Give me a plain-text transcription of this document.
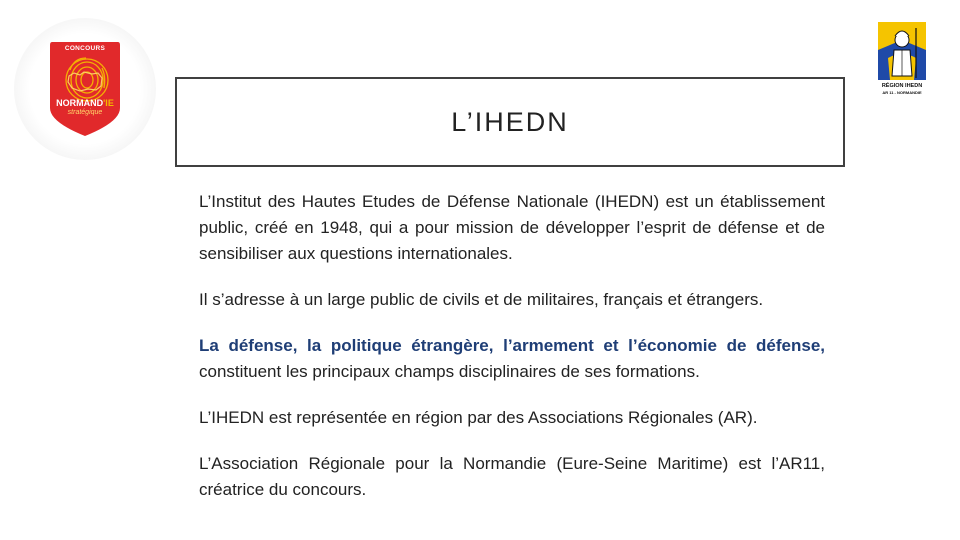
CONCOURS
NORMAND'IE
stratégique
RÉGION IHEDN
AR 11 - NORMANDIE
L’IHEDN

L’Institut des Hautes Etudes de Défense Nationale (IHEDN) est un établissement public, créé en 1948, qui a pour mission de développer l’esprit de défense et de sensibiliser aux questions internationales.

Il s’adresse à un large public de civils et de militaires, français et étrangers.

La défense, la politique étrangère, l’armement et l’économie de défense, constituent les principaux champs disciplinaires de ses formations.

L’IHEDN est représentée en région par des Associations Régionales (AR).

L’Association Régionale pour la Normandie (Eure-Seine Maritime) est l’AR11, créatrice du concours.
